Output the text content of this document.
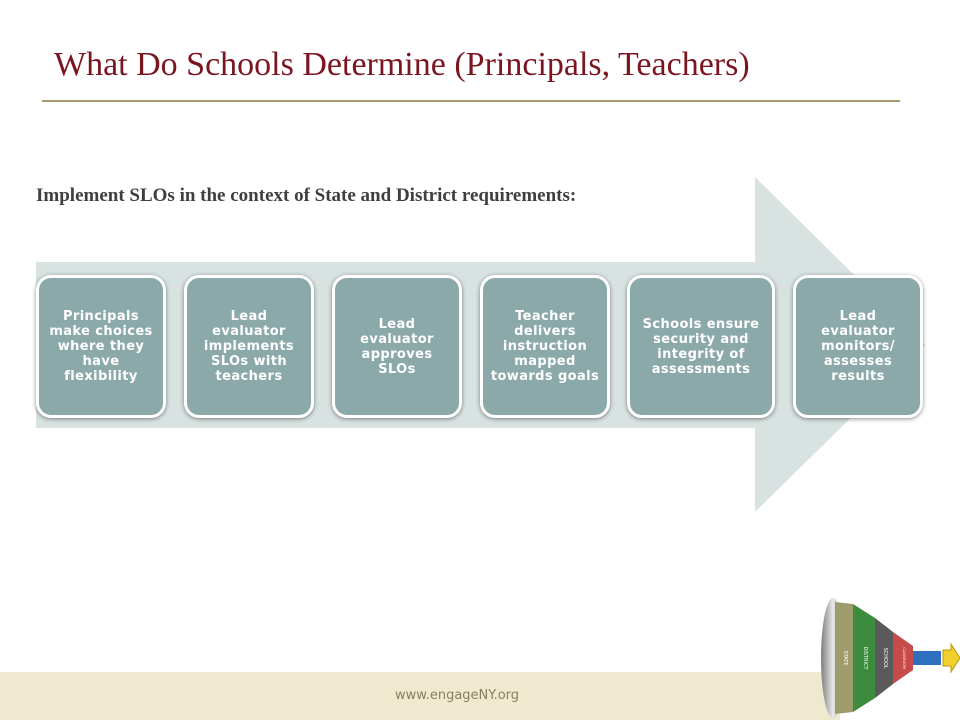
What Do Schools Determine (Principals, Teachers)
Implement SLOs in the context of State and District requirements:
Principals make choices where they have flexibility
Lead evaluator implements SLOs with teachers
Lead evaluator approves SLOs
Teacher delivers instruction mapped towards goals
Schools ensure security and integrity of assessments
Lead evaluator monitors/ assesses results
www.engageNY.org
STATE	DISTRICT	SCHOOL	CLASSROOM
